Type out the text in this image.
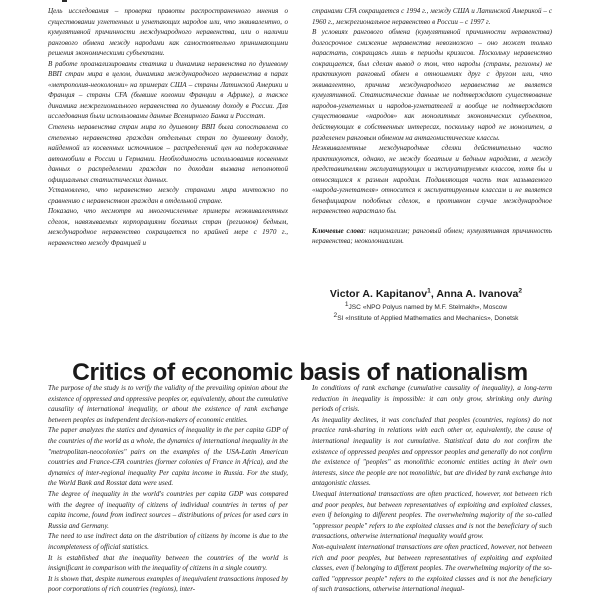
Цель исследования – проверка правоты распространенного мнения о существовании угнетенных и угнетающих народов или, что эквивалентно, о кумулятивной причинности международного неравенства, или о наличии рангового обмена между народами как самостоятельно принимающими решения экономическими субъектами.

В работе проанализированы статика и динамика неравенства по душевому ВВП стран мира в целом, динамика международного неравенства в парах «метрополия-неоколонии» на примерах США – страны Латинской Америки и Франция – страны CFA (бывшие колонии Франции в Африке), а также динамика межрегионального неравенства по душевому доходу в России. Для исследования были использованы данные Всемирного Банка и Росстат.

Степень неравенства стран мира по душевому ВВП была сопоставлена со степенью неравенства граждан отдельных стран по душевому доходу, найденной из косвенных источников – распределений цен на подержанные автомобили в России и Германии. Необходимость использования косвенных данных о распределении граждан по доходам вызвана неполнотой официальных статистических данных.

Установлено, что неравенство между странами мира ничтожно по сравнению с неравенством граждан в отдельной стране.

Показано, что несмотря на многочисленные примеры неэквивалентных сделок, навязываемых корпорациями богатых стран (регионов) бедным, международное неравенство сокращается по крайней мере с 1970 г., неравенство между Францией и

странами CFA сокращается с 1994 г., между США и Латинской Америкой – с 1960 г., межрегиональное неравенство в России – с 1997 г.

В условиях рангового обмена (кумулятивной причинности неравенства) долгосрочное снижение неравенства невозможно – оно может только нарастать, сокращаясь лишь в периоды кризисов. Поскольку неравенство сокращается, был сделан вывод о том, что народы (страны, регионы) не практикуют ранговый обмен в отношениях друг с другом или, что эквивалентно, причина международного неравенства не является кумулятивной. Статистические данные не подтверждают существование народов-угнетенных и народов-угнетателей и вообще не подтверждают существование «народов» как монолитных экономических субъектов, действующих в собственных интересах, поскольку народ не монолитен, а разделенен ранговым обменом на антагонистические классы.

Неэквивалентные международные сделки действительно часто практикуются, однако, не между богатым и бедным народами, а между представителями эксплуатирующих и эксплуатируемых классов, хотя бы и относящихся к разным народам. Подавляющая часть так называемого «народа-угнетателя» относится к эксплуатируемым классам и не является бенефициаром подобных сделок, в противном случае международное неравенство нарастало бы.

Ключевые слова: национализм; ранговый обмен; кумулятивная причинность неравенства; неоколониализм.

Victor A. Kapitanov$^1$, Anna A. Ivanova$^2$
$^1$JSC «NPO Polyus named by M.F. Stelmakh», Moscow
$^2$SI «Institute of Applied Mathematics and Mechanics», Donetsk
Critics of economic basis of nationalism

The purpose of the study is to verify the validity of the prevailing opinion about the existence of oppressed and oppressive peoples or, equivalently, about the cumulative causality of international inequality, or about the existence of rank exchange between peoples as independent decision-makers of economic entities.

The paper analyzes the statics and dynamics of inequality in the per capita GDP of the countries of the world as a whole, the dynamics of international inequality in the "metropolitan-neocolonies" pairs on the examples of the USA-Latin American countries and France-CFA countries (former colonies of France in Africa), and the dynamics of inter-regional inequality Per capita income in Russia. For the study, the World Bank and Rosstat data were used.

The degree of inequality in the world's countries per capita GDP was compared with the degree of inequality of citizens of individual countries in terms of per capita income, found from indirect sources – distributions of prices for used cars in Russia and Germany.

The need to use indirect data on the distribution of citizens by income is due to the incompleteness of official statistics.

It is established that the inequality between the countries of the world is insignificant in comparison with the inequality of citizens in a single country.

It is shown that, despite numerous examples of inequivalent transactions imposed by poor corporations of rich countries (regions), inter-

In conditions of rank exchange (cumulative causality of inequality), a long-term reduction in inequality is impossible: it can only grow, shrinking only during periods of crisis.

As inequality declines, it was concluded that peoples (countries, regions) do not practice rank-sharing in relations with each other or, equivalently, the cause of international inequality is not cumulative. Statistical data do not confirm the existence of oppressed peoples and oppressor peoples and generally do not confirm the existence of "peoples" as monolithic economic entities acting in their own interests, since the people are not monolithic, but are divided by rank exchange into antagonistic classes.

Unequal international transactions are often practiced, however, not between rich and poor peoples, but between representatives of exploiting and exploited classes, even if belonging to different peoples. The overwhelming majority of the so-called "oppressor people" refers to the exploited classes and is not the beneficiary of such transactions, otherwise international inequality would grow.

Non-equivalent international transactions are often practiced, however, not between rich and poor peoples, but between representatives of exploiting and exploited classes, even if belonging to different peoples. The overwhelming majority of the so-called "oppressor people" refers to the exploited classes and is not the beneficiary of such transactions, otherwise international inequal-
